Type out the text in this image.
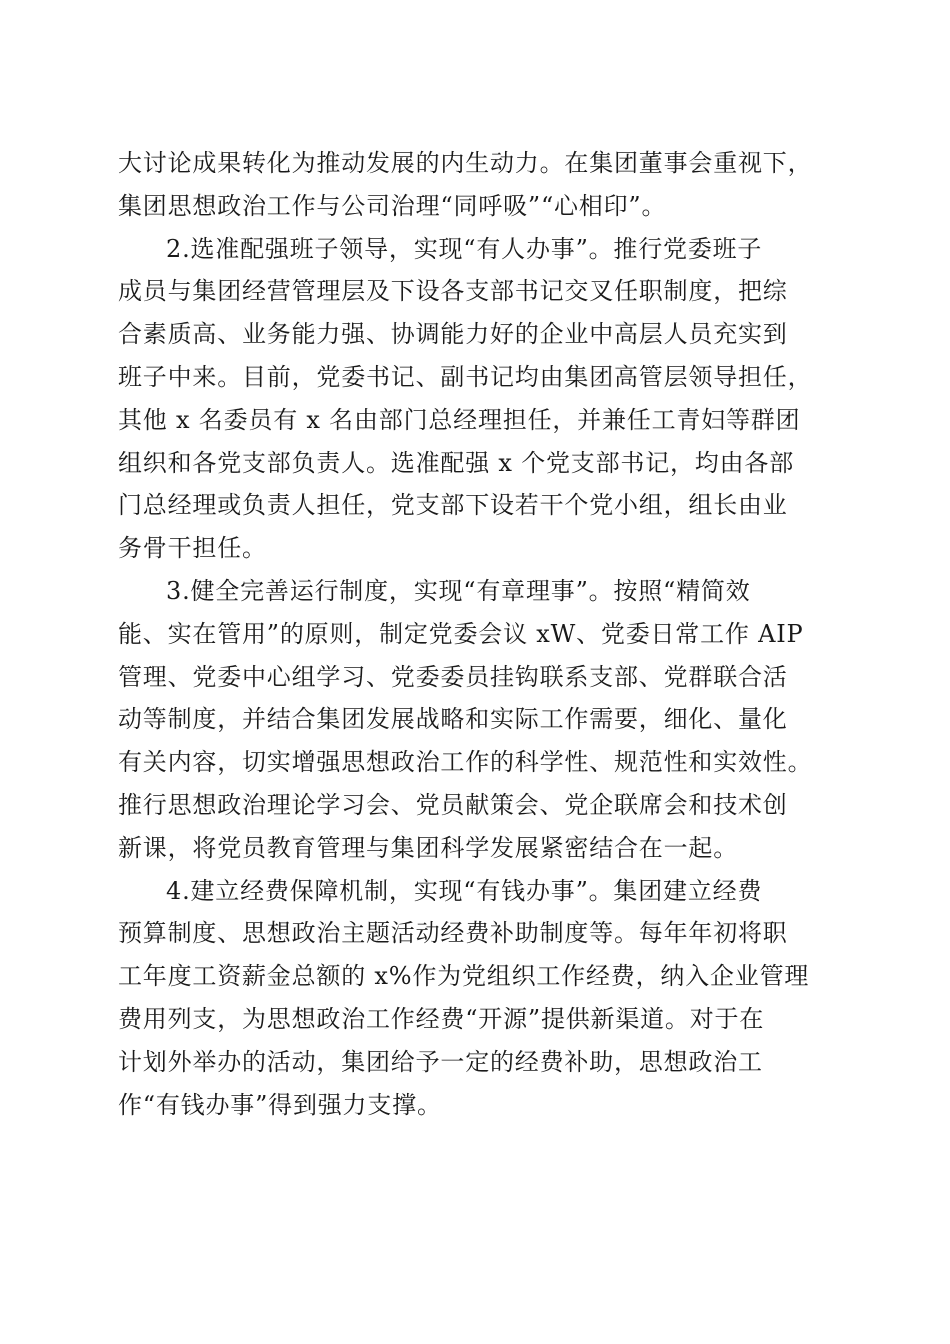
大讨论成果转化为推动发展的内生动力。在集团董事会重视下，
集团思想政治工作与公司治理“同呼吸”“心相印”。
2.选准配强班子领导，实现“有人办事”。推行党委班子
成员与集团经营管理层及下设各支部书记交叉任职制度，把综
合素质高、业务能力强、协调能力好的企业中高层人员充实到
班子中来。目前，党委书记、副书记均由集团高管层领导担任，
其他 x 名委员有 x 名由部门总经理担任，并兼任工青妇等群团
组织和各党支部负责人。选准配强 x 个党支部书记，均由各部
门总经理或负责人担任，党支部下设若干个党小组，组长由业
务骨干担任。
3.健全完善运行制度，实现“有章理事”。按照“精简效
能、实在管用”的原则，制定党委会议 xW、党委日常工作 AIP
管理、党委中心组学习、党委委员挂钩联系支部、党群联合活
动等制度，并结合集团发展战略和实际工作需要，细化、量化
有关内容，切实增强思想政治工作的科学性、规范性和实效性。
推行思想政治理论学习会、党员献策会、党企联席会和技术创
新课，将党员教育管理与集团科学发展紧密结合在一起。
4.建立经费保障机制，实现“有钱办事”。集团建立经费
预算制度、思想政治主题活动经费补助制度等。每年年初将职
工年度工资薪金总额的 x%作为党组织工作经费，纳入企业管理
费用列支，为思想政治工作经费“开源”提供新渠道。对于在
计划外举办的活动，集团给予一定的经费补助，思想政治工
作“有钱办事”得到强力支撑。
